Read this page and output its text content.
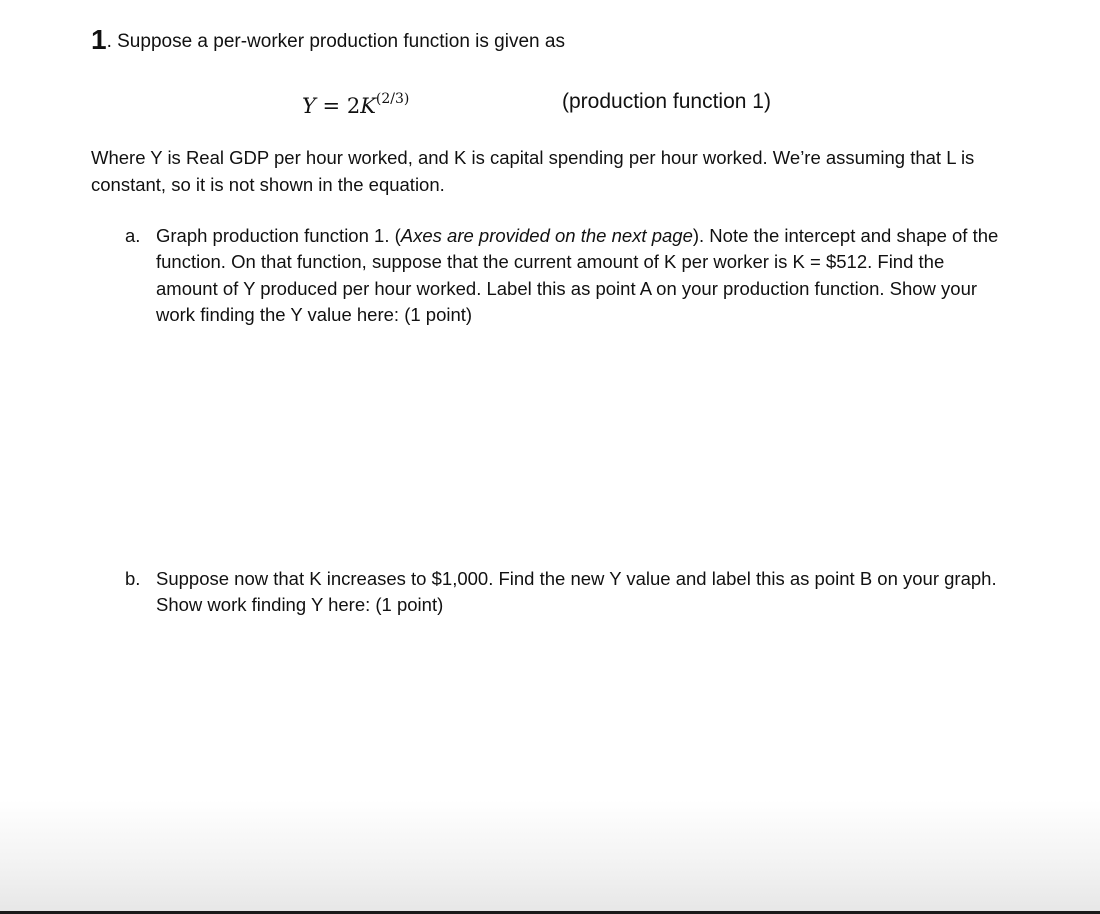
1. Suppose a per-worker production function is given as
$Y = 2K^{(2/3)}$	(production function 1)
Where Y is Real GDP per hour worked, and K is capital spending per hour worked. We’re assuming that L is constant, so it is not shown in the equation.
a. Graph production function 1. (Axes are provided on the next page). Note the intercept and shape of the function. On that function, suppose that the current amount of K per worker is K = $512. Find the amount of Y produced per hour worked. Label this as point A on your production function. Show your work finding the Y value here: (1 point)
b. Suppose now that K increases to $1,000. Find the new Y value and label this as point B on your graph. Show work finding Y here: (1 point)
